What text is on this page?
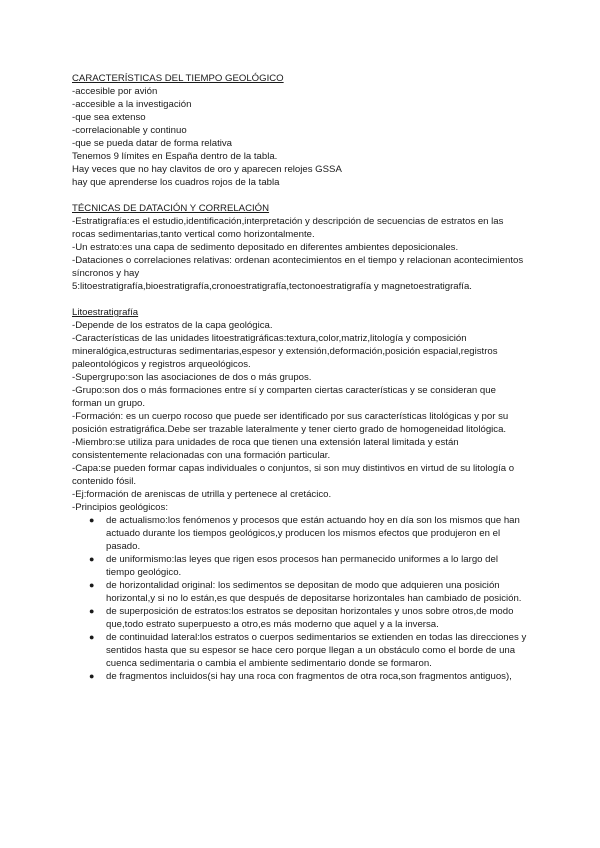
CARACTERÍSTICAS DEL TIEMPO GEOLÓGICO
-accesible por avión
-accesible a la investigación
-que sea extenso
-correlacionable y continuo
-que se pueda datar de forma relativa
Tenemos 9 límites en España dentro de la tabla.
Hay veces que no hay clavitos de oro y aparecen relojes GSSA
hay que aprenderse los cuadros rojos de la tabla
TÉCNICAS DE DATACIÓN Y CORRELACIÓN
-Estratigrafía:es el estudio,identificación,interpretación y descripción de secuencias de estratos en las rocas sedimentarias,tanto vertical como horizontalmente.
-Un estrato:es una capa de sedimento depositado en diferentes ambientes deposicionales.
-Dataciones o correlaciones relativas: ordenan acontecimientos en el tiempo y relacionan acontecimientos síncronos y hay
5:litoestratigrafía,bioestratigrafía,cronoestratigrafía,tectonoestratigrafía y magnetoestratigrafía.
Litoestratigrafía
-Depende de los estratos de la capa geológica.
-Características de las unidades litoestratigráficas:textura,color,matriz,litología y composición mineralógica,estructuras sedimentarias,espesor y extensión,deformación,posición espacial,registros paleontológicos y registros arqueológicos.
-Supergrupo:son las asociaciones de dos o más grupos.
-Grupo:son dos o más formaciones entre sí y comparten ciertas características y se consideran que forman un grupo.
-Formación: es un cuerpo rocoso que puede ser identificado por sus características litológicas y por su posición estratigráfica.Debe ser trazable lateralmente y tener cierto grado de homogeneidad litológica.
-Miembro:se utiliza para unidades de roca que tienen una extensión lateral limitada y están consistentemente relacionadas con una formación particular.
-Capa:se pueden formar capas individuales o conjuntos, si son muy distintivos en virtud de su litología o contenido fósil.
-Ej:formación de areniscas de utrilla y pertenece al cretácico.
-Principios geológicos:
● de actualismo:los fenómenos y procesos que están actuando hoy en día son los mismos que han actuado durante los tiempos geológicos,y producen los mismos efectos que produjeron en el pasado.
● de uniformismo:las leyes que rigen esos procesos han permanecido uniformes a lo largo del tiempo geológico.
● de horizontalidad original: los sedimentos se depositan de modo que adquieren una posición horizontal,y si no lo están,es que después de depositarse horizontales han cambiado de posición.
● de superposición de estratos:los estratos se depositan horizontales y unos sobre otros,de modo que,todo estrato superpuesto a otro,es más moderno que aquel y a la inversa.
● de continuidad lateral:los estratos o cuerpos sedimentarios se extienden en todas las direcciones y sentidos hasta que su espesor se hace cero porque llegan a un obstáculo como el borde de una cuenca sedimentaria o cambia el ambiente sedimentario donde se formaron.
● de fragmentos incluidos(si hay una roca con fragmentos de otra roca,son fragmentos antiguos),
